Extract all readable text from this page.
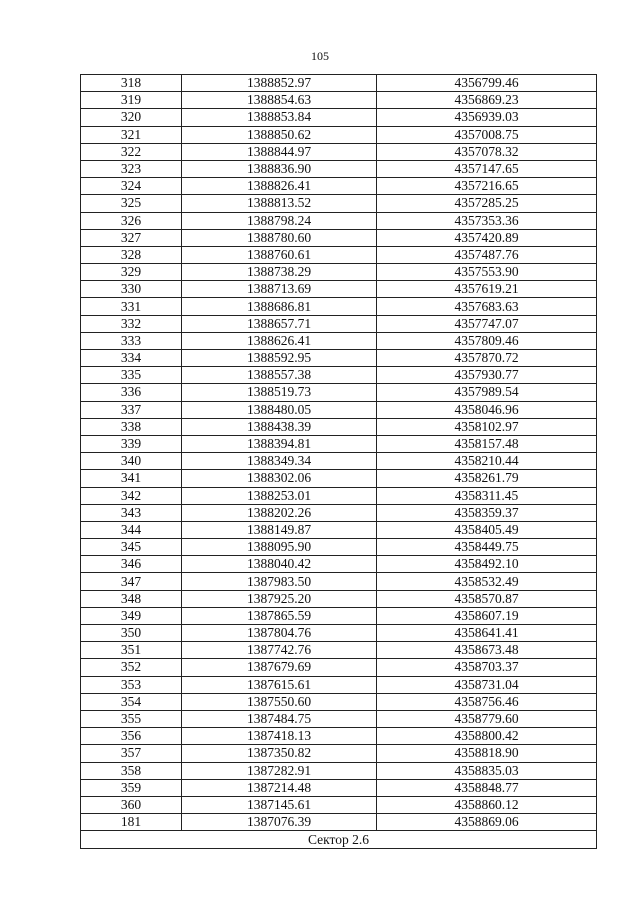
105
318	1388852.97	4356799.46
319	1388854.63	4356869.23
320	1388853.84	4356939.03
321	1388850.62	4357008.75
322	1388844.97	4357078.32
323	1388836.90	4357147.65
324	1388826.41	4357216.65
325	1388813.52	4357285.25
326	1388798.24	4357353.36
327	1388780.60	4357420.89
328	1388760.61	4357487.76
329	1388738.29	4357553.90
330	1388713.69	4357619.21
331	1388686.81	4357683.63
332	1388657.71	4357747.07
333	1388626.41	4357809.46
334	1388592.95	4357870.72
335	1388557.38	4357930.77
336	1388519.73	4357989.54
337	1388480.05	4358046.96
338	1388438.39	4358102.97
339	1388394.81	4358157.48
340	1388349.34	4358210.44
341	1388302.06	4358261.79
342	1388253.01	4358311.45
343	1388202.26	4358359.37
344	1388149.87	4358405.49
345	1388095.90	4358449.75
346	1388040.42	4358492.10
347	1387983.50	4358532.49
348	1387925.20	4358570.87
349	1387865.59	4358607.19
350	1387804.76	4358641.41
351	1387742.76	4358673.48
352	1387679.69	4358703.37
353	1387615.61	4358731.04
354	1387550.60	4358756.46
355	1387484.75	4358779.60
356	1387418.13	4358800.42
357	1387350.82	4358818.90
358	1387282.91	4358835.03
359	1387214.48	4358848.77
360	1387145.61	4358860.12
181	1387076.39	4358869.06
Сектор 2.6		
